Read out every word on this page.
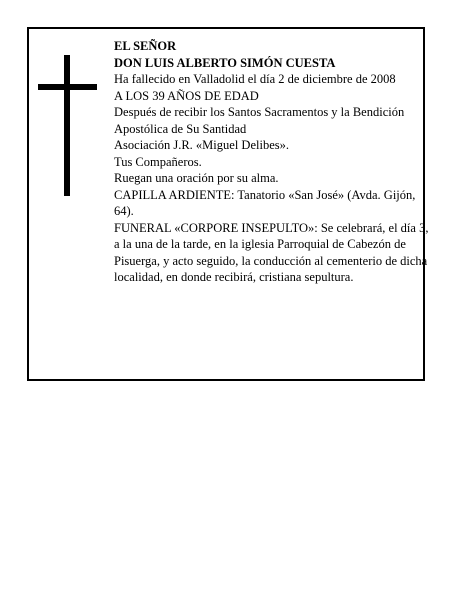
EL SEÑOR

DON LUIS ALBERTO SIMÓN CUESTA

Ha fallecido en Valladolid el día 2 de diciembre de 2008

A LOS 39 AÑOS DE EDAD

Después de recibir los Santos Sacramentos y la Bendición Apostólica de Su Santidad

Asociación J.R. «Miguel Delibes».

Tus Compañeros.

Ruegan una oración por su alma.

CAPILLA ARDIENTE: Tanatorio «San José» (Avda. Gijón, 64).

FUNERAL «CORPORE INSEPULTO»: Se celebrará, el día 3, a la una de la tarde, en la iglesia Parroquial de Cabezón de Pisuerga, y acto seguido, la conducción al cementerio de dicha localidad, en donde recibirá, cristiana sepultura.
